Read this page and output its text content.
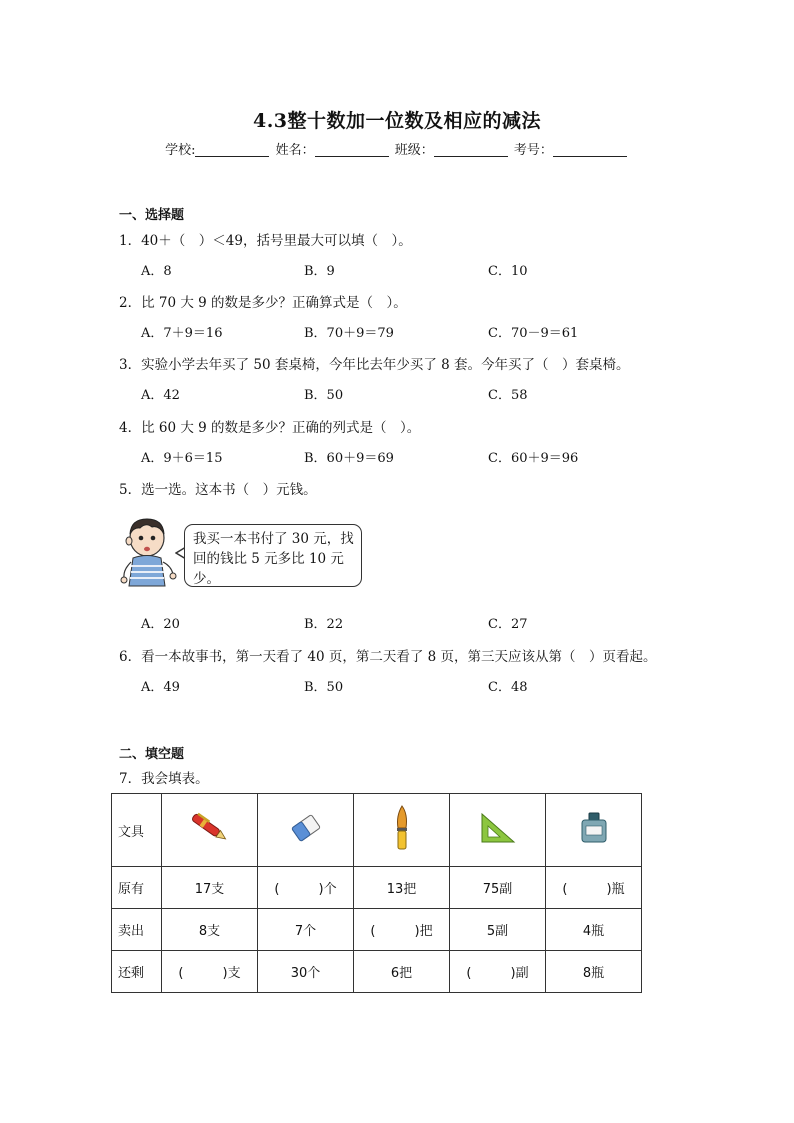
4.3整十数加一位数及相应的减法
学校:	姓名：	班级：	考号：
一、选择题
1．40＋（　）＜49，括号里最大可以填（　）。
A．8	B．9	C．10
2．比 70 大 9 的数是多少？正确算式是（　）。
A．7＋9＝16	B．70＋9＝79	C．70－9＝61
3．实验小学去年买了 50 套桌椅，今年比去年少买了 8 套。今年买了（　）套桌椅。
A．42	B．50	C．58
4．比 60 大 9 的数是多少？正确的列式是（　）。
A．9＋6＝15	B．60＋9＝69	C．60＋9＝96
5．选一选。这本书（　）元钱。
我买一本书付了 30 元，找回的钱比 5 元多比 10 元少。
A．20	B．22	C．27
6．看一本故事书，第一天看了 40 页，第二天看了 8 页，第三天应该从第（　）页看起。
A．49	B．50	C．48
二、填空题
7．我会填表。
文具					
原有	17支	(　　　)个	13把	75副	(　　　)瓶
卖出	8支	7个	(　　　)把	5副	4瓶
还剩	(　　　)支	30个	6把	(　　　)副	8瓶
